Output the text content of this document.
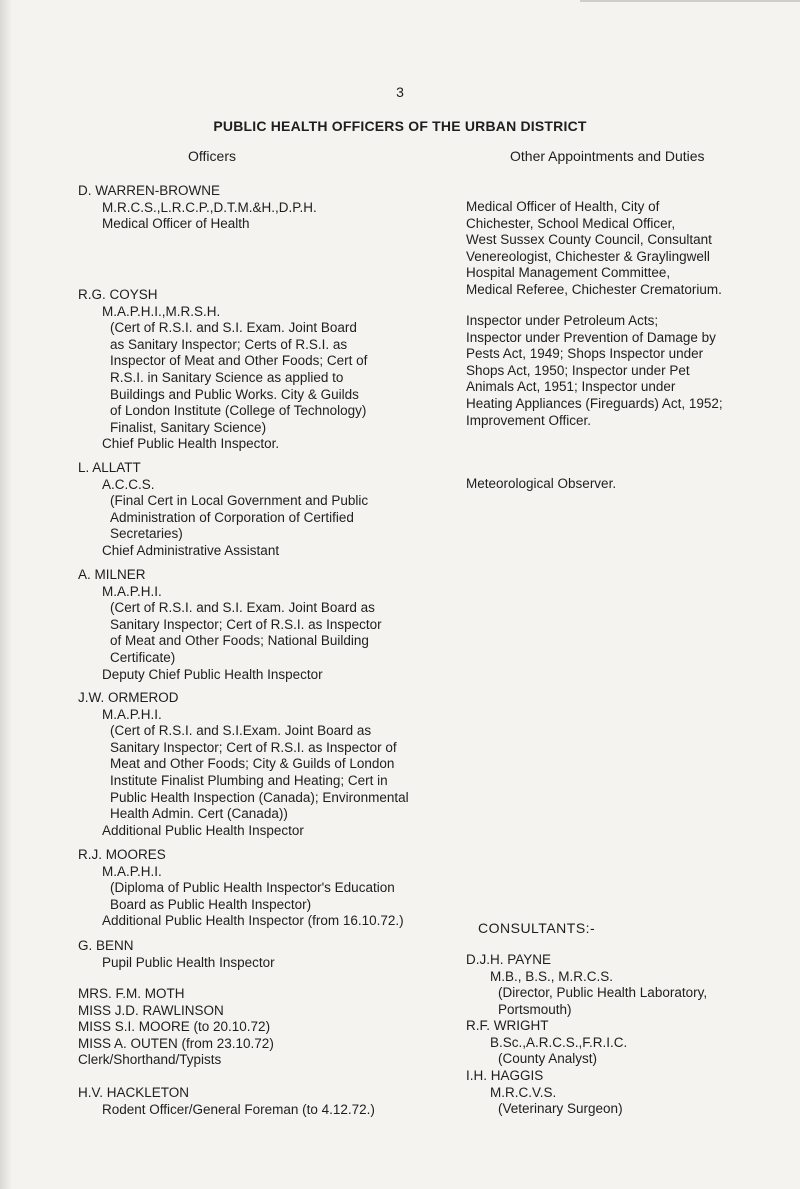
3
PUBLIC HEALTH OFFICERS OF THE URBAN DISTRICT
Officers	Other Appointments and Duties
D. WARREN-BROWNE
M.R.C.S.,L.R.C.P.,D.T.M.&H.,D.P.H.
Medical Officer of Health
Medical Officer of Health, City of
Chichester, School Medical Officer,
West Sussex County Council, Consultant
Venereologist, Chichester & Graylingwell
Hospital Management Committee,
Medical Referee, Chichester Crematorium.
R.G. COYSH
M.A.P.H.I.,M.R.S.H.
(Cert of R.S.I. and S.I. Exam. Joint Board
as Sanitary Inspector; Certs of R.S.I. as
Inspector of Meat and Other Foods; Cert of
R.S.I. in Sanitary Science as applied to
Buildings and Public Works. City & Guilds
of London Institute (College of Technology)
Finalist, Sanitary Science)
Chief Public Health Inspector.
Inspector under Petroleum Acts;
Inspector under Prevention of Damage by
Pests Act, 1949; Shops Inspector under
Shops Act, 1950; Inspector under Pet
Animals Act, 1951; Inspector under
Heating Appliances (Fireguards) Act, 1952;
Improvement Officer.
L. ALLATT
A.C.C.S.
(Final Cert in Local Government and Public
Administration of Corporation of Certified
Secretaries)
Chief Administrative Assistant
Meteorological Observer.
A. MILNER
M.A.P.H.I.
(Cert of R.S.I. and S.I. Exam. Joint Board as
Sanitary Inspector; Cert of R.S.I. as Inspector
of Meat and Other Foods; National Building
Certificate)
Deputy Chief Public Health Inspector
J.W. ORMEROD
M.A.P.H.I.
(Cert of R.S.I. and S.I.Exam. Joint Board as
Sanitary Inspector; Cert of R.S.I. as Inspector of
Meat and Other Foods; City & Guilds of London
Institute Finalist Plumbing and Heating; Cert in
Public Health Inspection (Canada); Environmental
Health Admin. Cert (Canada))
Additional Public Health Inspector
R.J. MOORES
M.A.P.H.I.
(Diploma of Public Health Inspector's Education
Board as Public Health Inspector)
Additional Public Health Inspector (from 16.10.72.)
G. BENN
Pupil Public Health Inspector
MRS. F.M. MOTH
MISS J.D. RAWLINSON
MISS S.I. MOORE (to 20.10.72)
MISS A. OUTEN (from 23.10.72)
Clerk/Shorthand/Typists
H.V. HACKLETON
Rodent Officer/General Foreman (to 4.12.72.)
CONSULTANTS:-
D.J.H. PAYNE
M.B., B.S., M.R.C.S.
(Director, Public Health Laboratory,
Portsmouth)
R.F. WRIGHT
B.Sc.,A.R.C.S.,F.R.I.C.
(County Analyst)
I.H. HAGGIS
M.R.C.V.S.
(Veterinary Surgeon)
